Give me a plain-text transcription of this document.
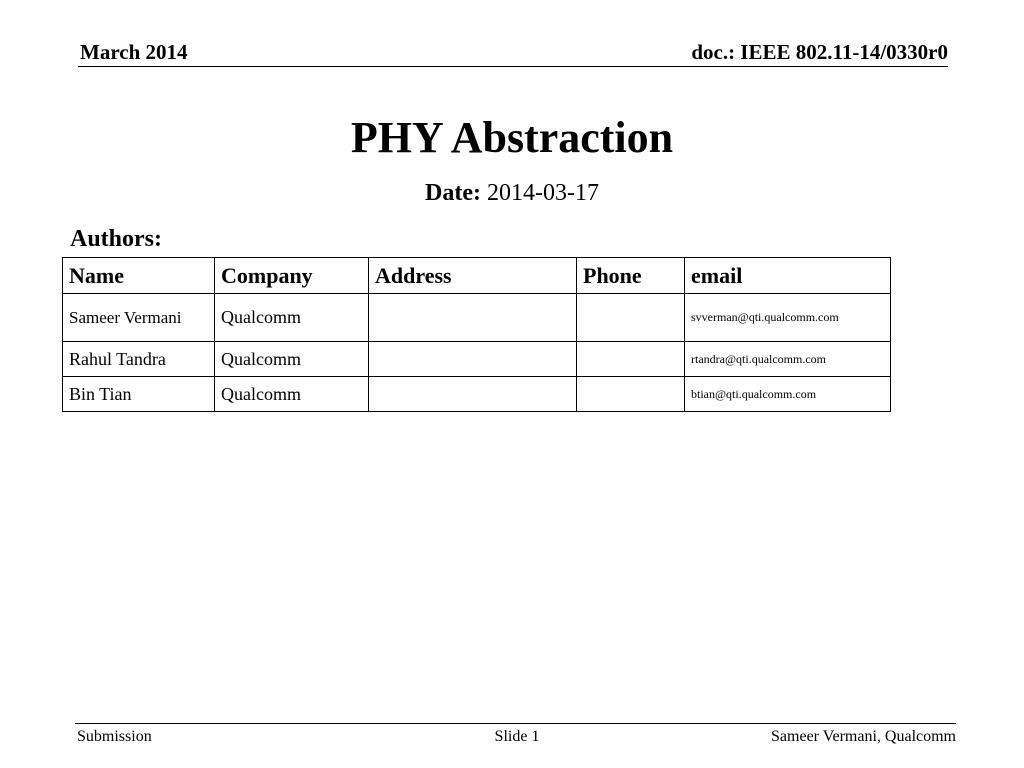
March 2014	doc.: IEEE 802.11-14/0330r0
PHY Abstraction
Date: 2014-03-17
Authors:
Name	Company	Address	Phone	email
Sameer Vermani	Qualcomm			svverman@qti.qualcomm.com
Rahul Tandra	Qualcomm			rtandra@qti.qualcomm.com
Bin Tian	Qualcomm			btian@qti.qualcomm.com
Submission	Slide 1	Sameer Vermani, Qualcomm
